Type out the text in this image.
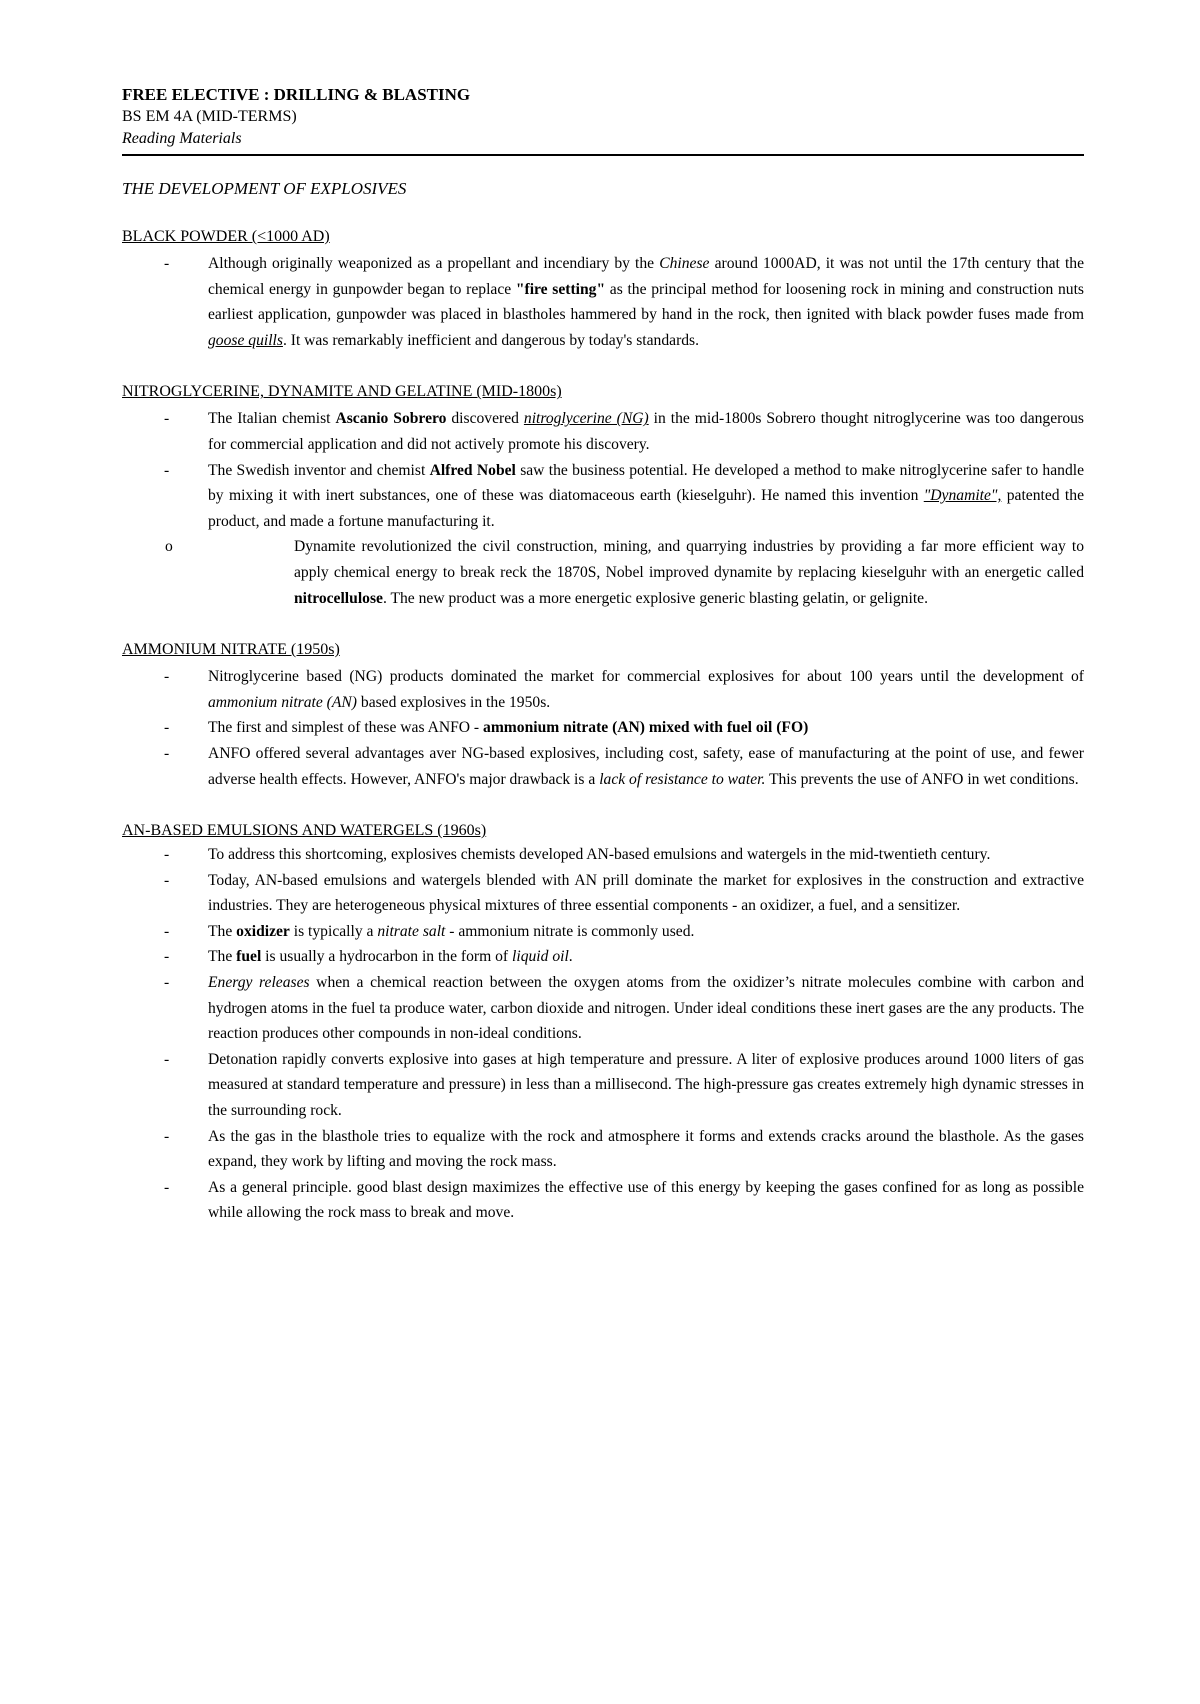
FREE ELECTIVE : DRILLING & BLASTING
BS EM 4A (MID-TERMS)
Reading Materials
THE DEVELOPMENT OF EXPLOSIVES
BLACK POWDER (<1000 AD)
- Although originally weaponized as a propellant and incendiary by the Chinese around 1000AD, it was not until the 17th century that the chemical energy in gunpowder began to replace "fire setting" as the principal method for loosening rock in mining and construction nuts earliest application, gunpowder was placed in blastholes hammered by hand in the rock, then ignited with black powder fuses made from goose quills. It was remarkably inefficient and dangerous by today's standards.
NITROGLYCERINE, DYNAMITE AND GELATINE (MID-1800s)
- The Italian chemist Ascanio Sobrero discovered nitroglycerine (NG) in the mid-1800s Sobrero thought nitroglycerine was too dangerous for commercial application and did not actively promote his discovery.
- The Swedish inventor and chemist Alfred Nobel saw the business potential. He developed a method to make nitroglycerine safer to handle by mixing it with inert substances, one of these was diatomaceous earth (kieselguhr). He named this invention "Dynamite", patented the product, and made a fortune manufacturing it.
o Dynamite revolutionized the civil construction, mining, and quarrying industries by providing a far more efficient way to apply chemical energy to break reck the 1870S, Nobel improved dynamite by replacing kieselguhr with an energetic called nitrocellulose. The new product was a more energetic explosive generic blasting gelatin, or gelignite.
AMMONIUM NITRATE (1950s)
- Nitroglycerine based (NG) products dominated the market for commercial explosives for about 100 years until the development of ammonium nitrate (AN) based explosives in the 1950s.
- The first and simplest of these was ANFO - ammonium nitrate (AN) mixed with fuel oil (FO)
- ANFO offered several advantages aver NG-based explosives, including cost, safety, ease of manufacturing at the point of use, and fewer adverse health effects. However, ANFO's major drawback is a lack of resistance to water. This prevents the use of ANFO in wet conditions.
AN-BASED EMULSIONS AND WATERGELS (1960s)
- To address this shortcoming, explosives chemists developed AN-based emulsions and watergels in the mid-twentieth century.
- Today, AN-based emulsions and watergels blended with AN prill dominate the market for explosives in the construction and extractive industries. They are heterogeneous physical mixtures of three essential components - an oxidizer, a fuel, and a sensitizer.
- The oxidizer is typically a nitrate salt - ammonium nitrate is commonly used.
- The fuel is usually a hydrocarbon in the form of liquid oil.
- Energy releases when a chemical reaction between the oxygen atoms from the oxidizer’s nitrate molecules combine with carbon and hydrogen atoms in the fuel ta produce water, carbon dioxide and nitrogen. Under ideal conditions these inert gases are the any products. The reaction produces other compounds in non-ideal conditions.
- Detonation rapidly converts explosive into gases at high temperature and pressure. A liter of explosive produces around 1000 liters of gas measured at standard temperature and pressure) in less than a millisecond. The high-pressure gas creates extremely high dynamic stresses in the surrounding rock.
- As the gas in the blasthole tries to equalize with the rock and atmosphere it forms and extends cracks around the blasthole. As the gases expand, they work by lifting and moving the rock mass.
- As a general principle. good blast design maximizes the effective use of this energy by keeping the gases confined for as long as possible while allowing the rock mass to break and move.
